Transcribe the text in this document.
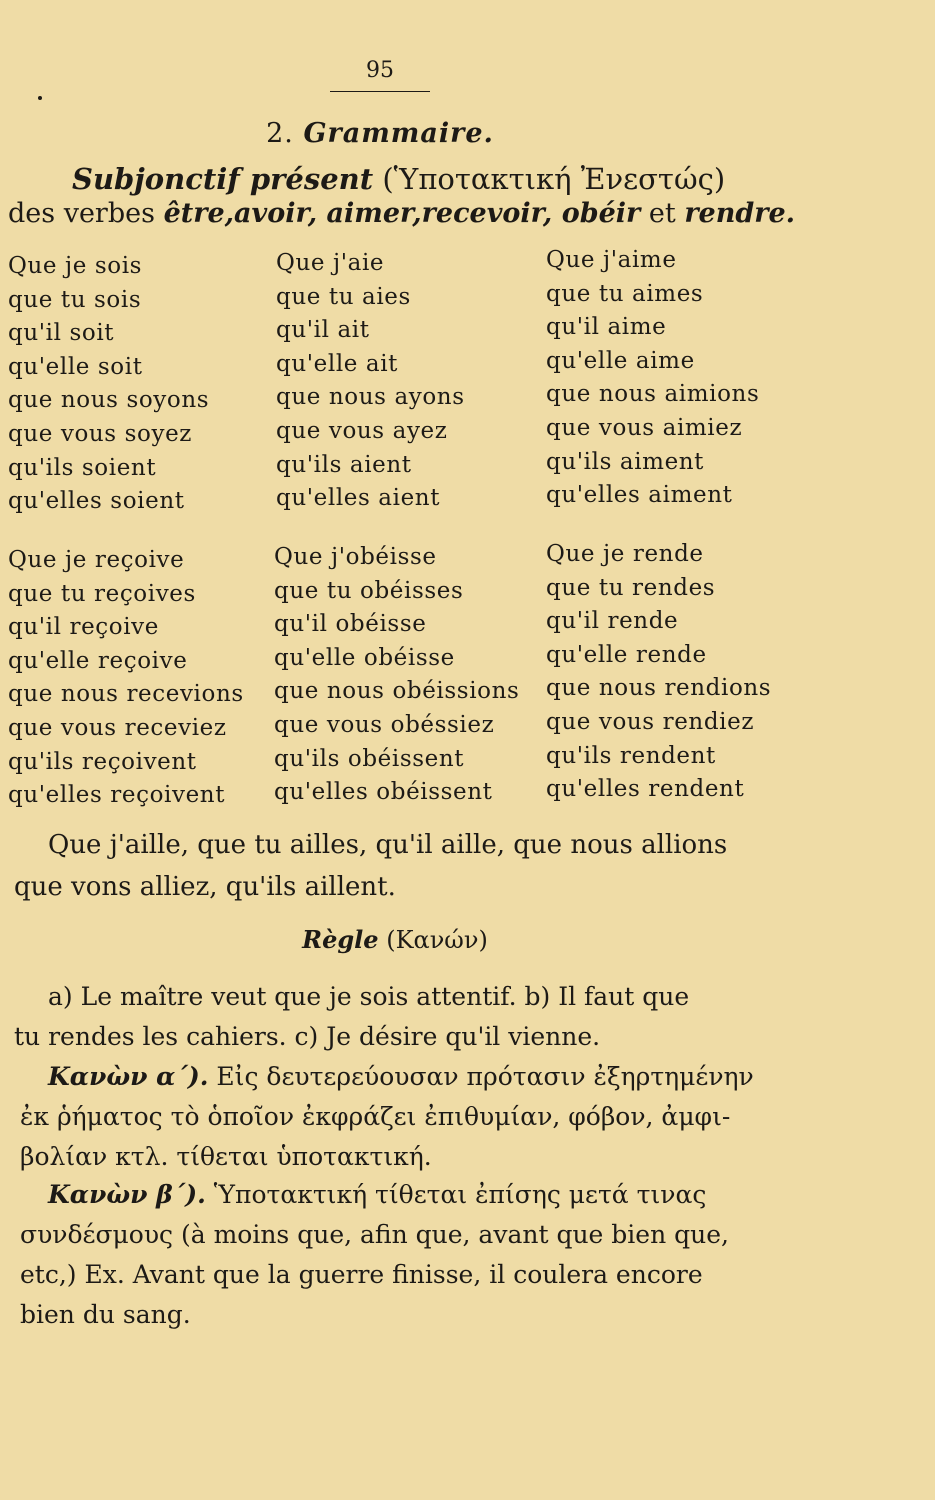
95
2. Grammaire.
Subjonctif présent (Ὑποτακτική Ἐνεστώς)
des verbes être,avoir, aimer,recevoir, obéir et rendre.
Que je sois
que tu sois
qu'il soit
qu'elle soit
que nous soyons
que vous soyez
qu'ils soient
qu'elles soient
Que j'aie
que tu aies
qu'il ait
qu'elle ait
que nous ayons
que vous ayez
qu'ils aient
qu'elles aient
Que j'aime
que tu aimes
qu'il aime
qu'elle aime
que nous aimions
que vous aimiez
qu'ils aiment
qu'elles aiment
Que je reçoive
que tu reçoives
qu'il reçoive
qu'elle reçoive
que nous recevions
que vous receviez
qu'ils reçoivent
qu'elles reçoivent
Que j'obéisse
que tu obéisses
qu'il obéisse
qu'elle obéisse
que nous obéissions
que vous obéssiez
qu'ils obéissent
qu'elles obéissent
Que je rende
que tu rendes
qu'il rende
qu'elle rende
que nous rendions
que vous rendiez
qu'ils rendent
qu'elles rendent
Que j'aille, que tu ailles, qu'il aille, que nous allions
que vons alliez, qu'ils aillent.
Règle (Κανών)
a) Le maître veut que je sois attentif. b) Il faut que
tu rendes les cahiers. c) Je désire qu'il vienne.
Κανὼν α΄). Εἰς δευτερεύουσαν πρότασιν ἐξηρτημένην
ἐκ ῥήματος τὸ ὁποῖον ἐκφράζει ἐπιθυμίαν, φόβον, ἀμφι-
βολίαν κτλ. τίθεται ὑποτακτική.
Κανὼν β΄). Ὑποτακτική τίθεται ἐπίσης μετά τινας
συνδέσμους (à moins que, afin que, avant que bien que,
etc,) Ex. Avant que la guerre finisse, il coulera encore
bien du sang.
